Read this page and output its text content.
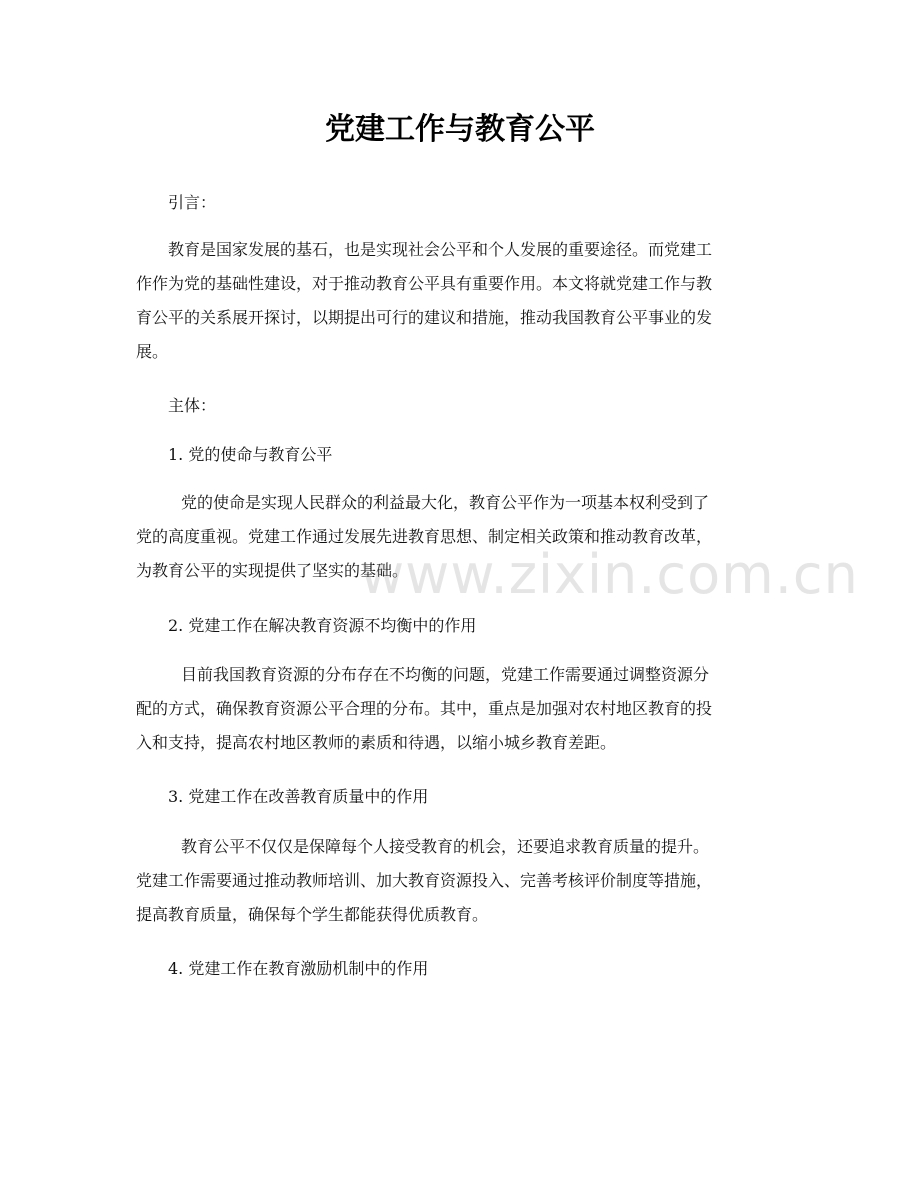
党建工作与教育公平
引言：
教育是国家发展的基石，也是实现社会公平和个人发展的重要途径。而党建工
作作为党的基础性建设，对于推动教育公平具有重要作用。本文将就党建工作与教
育公平的关系展开探讨，以期提出可行的建议和措施，推动我国教育公平事业的发
展。
主体：
1. 党的使命与教育公平
党的使命是实现人民群众的利益最大化，教育公平作为一项基本权利受到了
党的高度重视。党建工作通过发展先进教育思想、制定相关政策和推动教育改革，
为教育公平的实现提供了坚实的基础。
2. 党建工作在解决教育资源不均衡中的作用
目前我国教育资源的分布存在不均衡的问题，党建工作需要通过调整资源分
配的方式，确保教育资源公平合理的分布。其中，重点是加强对农村地区教育的投
入和支持，提高农村地区教师的素质和待遇，以缩小城乡教育差距。
3. 党建工作在改善教育质量中的作用
教育公平不仅仅是保障每个人接受教育的机会，还要追求教育质量的提升。
党建工作需要通过推动教师培训、加大教育资源投入、完善考核评价制度等措施，
提高教育质量，确保每个学生都能获得优质教育。
4. 党建工作在教育激励机制中的作用
www.zixin.com.cn
